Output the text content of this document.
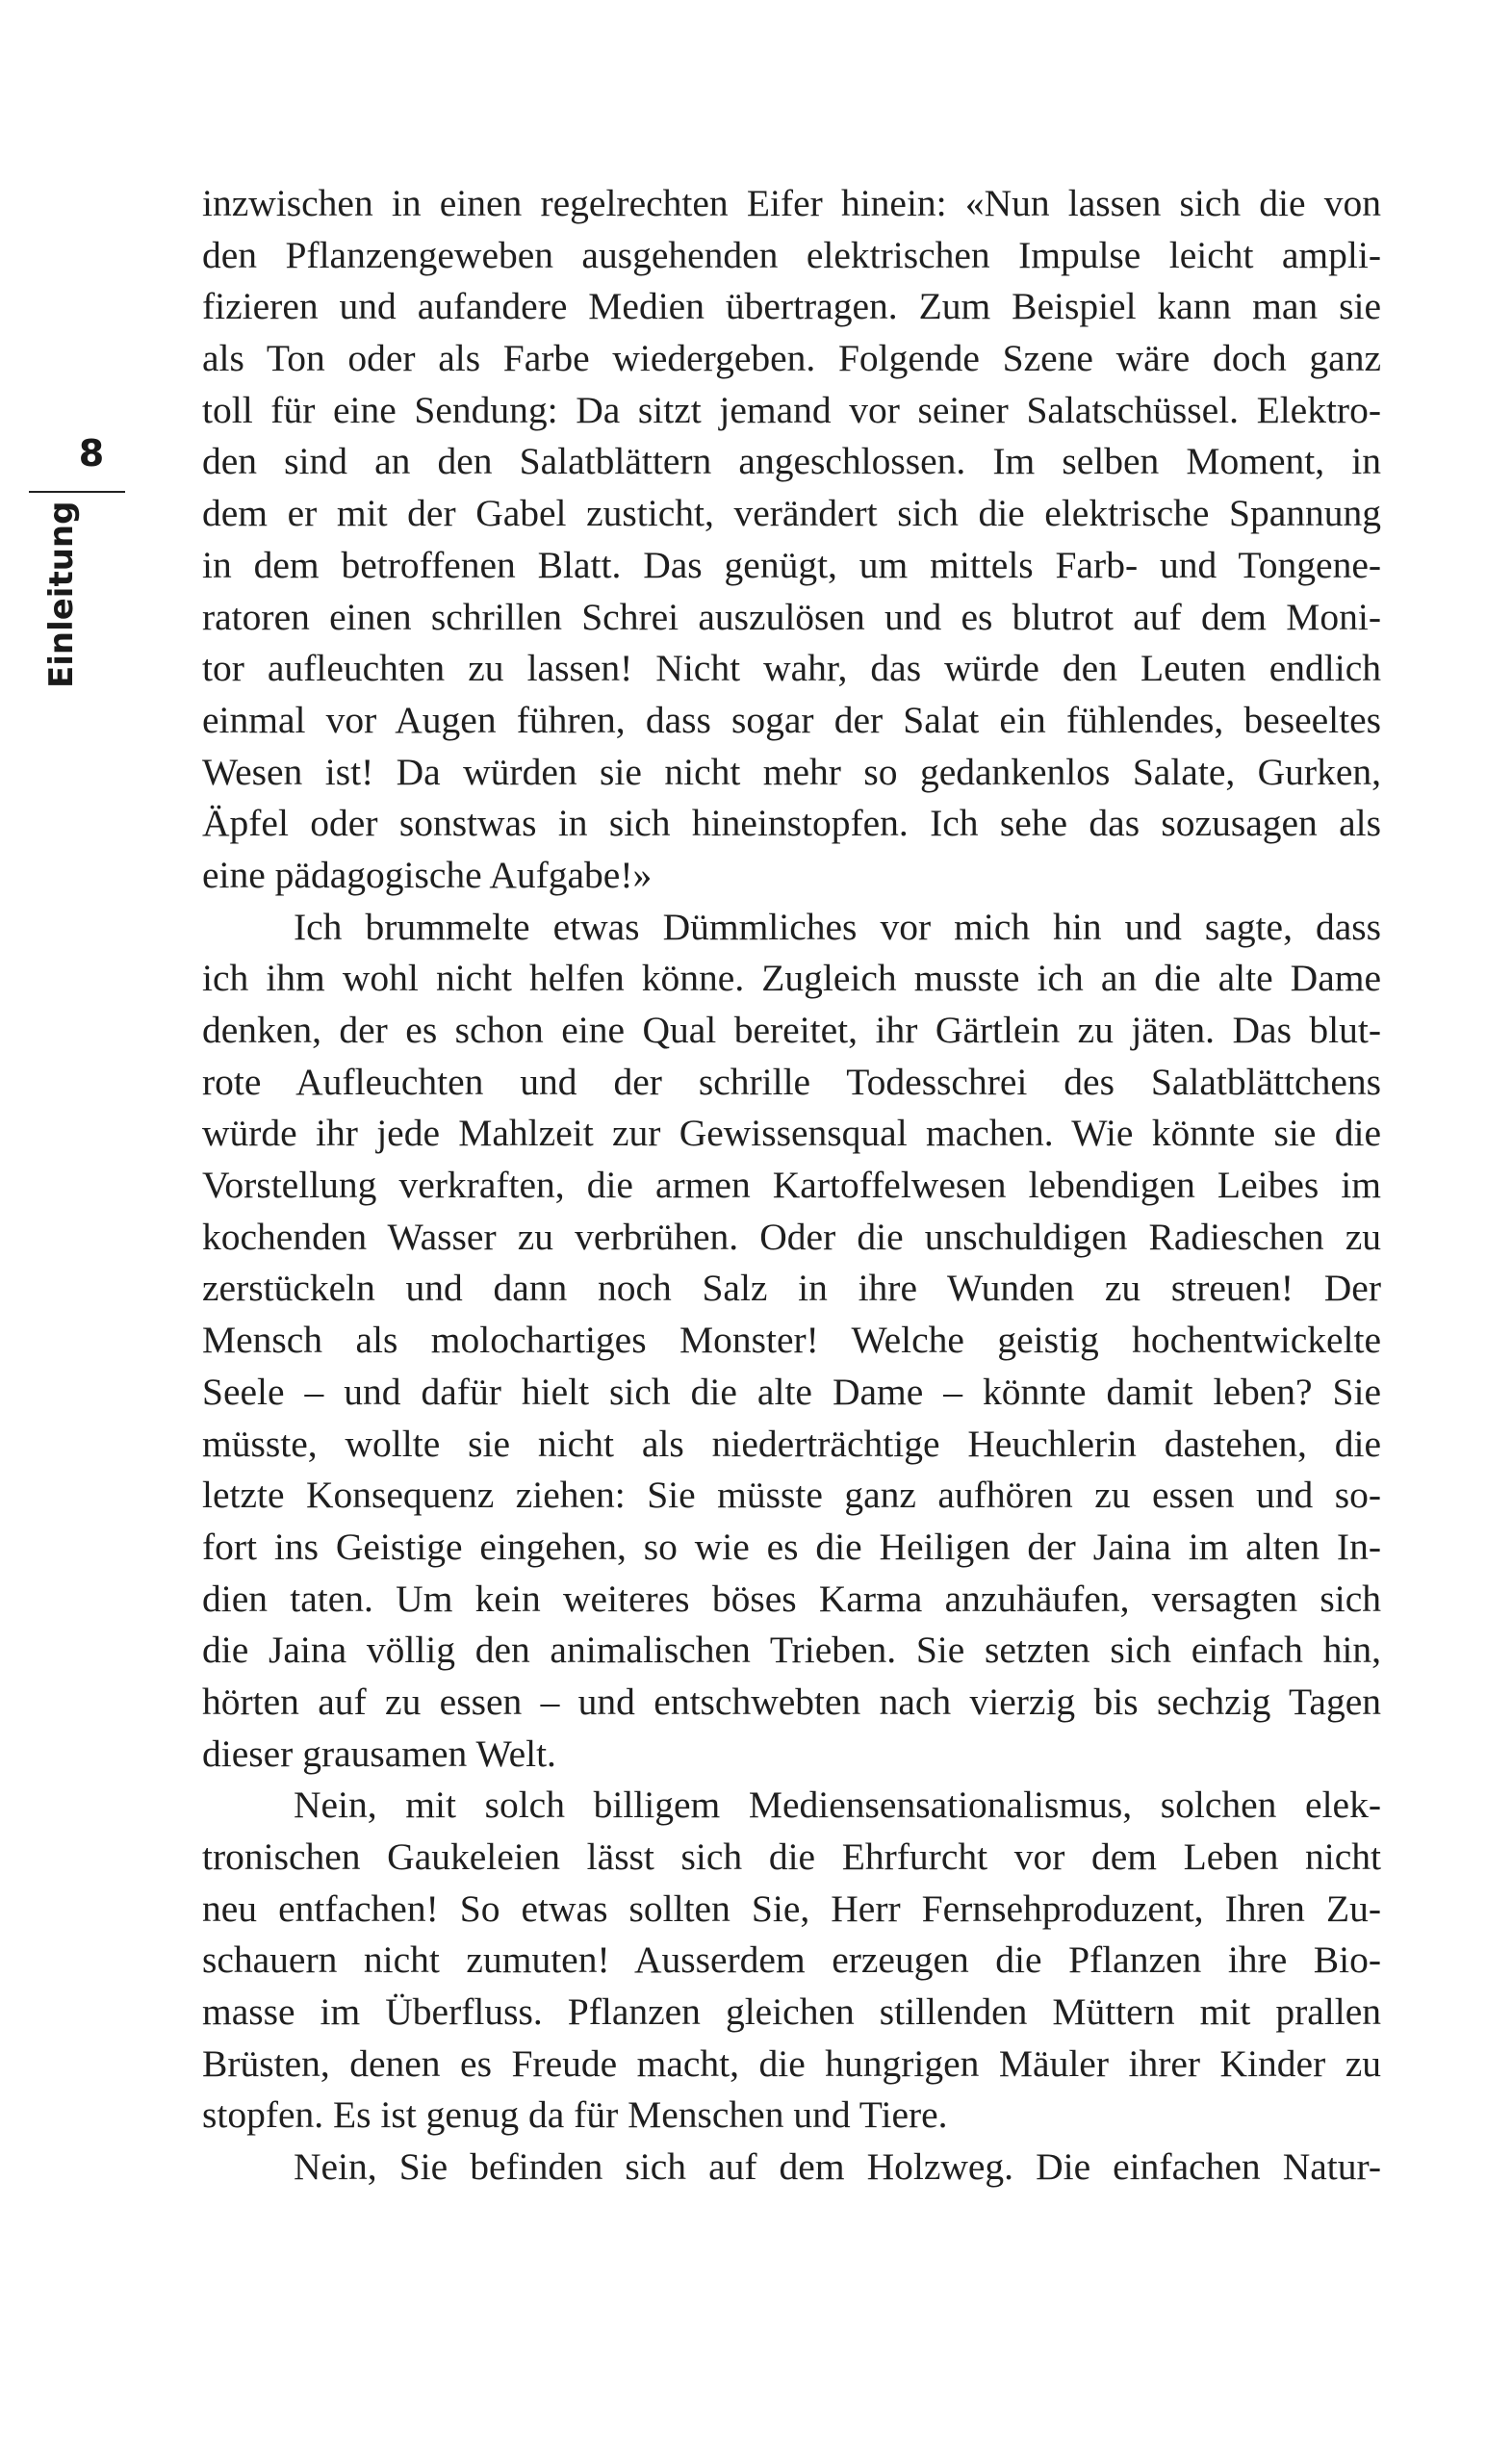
8
Einleitung
inzwischen in einen regelrechten Eifer hinein: «Nun lassen sich die von
den Pflanzengeweben ausgehenden elektrischen Impulse leicht ampli-
fizieren und aufandere Medien übertragen. Zum Beispiel kann man sie
als Ton oder als Farbe wiedergeben. Folgende Szene wäre doch ganz
toll für eine Sendung: Da sitzt jemand vor seiner Salatschüssel. Elektro-
den sind an den Salatblättern angeschlossen. Im selben Moment, in
dem er mit der Gabel zusticht, verändert sich die elektrische Spannung
in dem betroffenen Blatt. Das genügt, um mittels Farb- und Tongene-
ratoren einen schrillen Schrei auszulösen und es blutrot auf dem Moni-
tor aufleuchten zu lassen! Nicht wahr, das würde den Leuten endlich
einmal vor Augen führen, dass sogar der Salat ein fühlendes, beseeltes
Wesen ist! Da würden sie nicht mehr so gedankenlos Salate, Gurken,
Äpfel oder sonstwas in sich hineinstopfen. Ich sehe das sozusagen als
eine pädagogische Aufgabe!»
Ich brummelte etwas Dümmliches vor mich hin und sagte, dass
ich ihm wohl nicht helfen könne. Zugleich musste ich an die alte Dame
denken, der es schon eine Qual bereitet, ihr Gärtlein zu jäten. Das blut-
rote Aufleuchten und der schrille Todesschrei des Salatblättchens
würde ihr jede Mahlzeit zur Gewissensqual machen. Wie könnte sie die
Vorstellung verkraften, die armen Kartoffelwesen lebendigen Leibes im
kochenden Wasser zu verbrühen. Oder die unschuldigen Radieschen zu
zerstückeln und dann noch Salz in ihre Wunden zu streuen! Der
Mensch als molochartiges Monster! Welche geistig hochentwickelte
Seele – und dafür hielt sich die alte Dame – könnte damit leben? Sie
müsste, wollte sie nicht als niederträchtige Heuchlerin dastehen, die
letzte Konsequenz ziehen: Sie müsste ganz aufhören zu essen und so-
fort ins Geistige eingehen, so wie es die Heiligen der Jaina im alten In-
dien taten. Um kein weiteres böses Karma anzuhäufen, versagten sich
die Jaina völlig den animalischen Trieben. Sie setzten sich einfach hin,
hörten auf zu essen – und entschwebten nach vierzig bis sechzig Tagen
dieser grausamen Welt.
Nein, mit solch billigem Mediensensationalismus, solchen elek-
tronischen Gaukeleien lässt sich die Ehrfurcht vor dem Leben nicht
neu entfachen! So etwas sollten Sie, Herr Fernsehproduzent, Ihren Zu-
schauern nicht zumuten! Ausserdem erzeugen die Pflanzen ihre Bio-
masse im Überfluss. Pflanzen gleichen stillenden Müttern mit prallen
Brüsten, denen es Freude macht, die hungrigen Mäuler ihrer Kinder zu
stopfen. Es ist genug da für Menschen und Tiere.
Nein, Sie befinden sich auf dem Holzweg. Die einfachen Natur-
